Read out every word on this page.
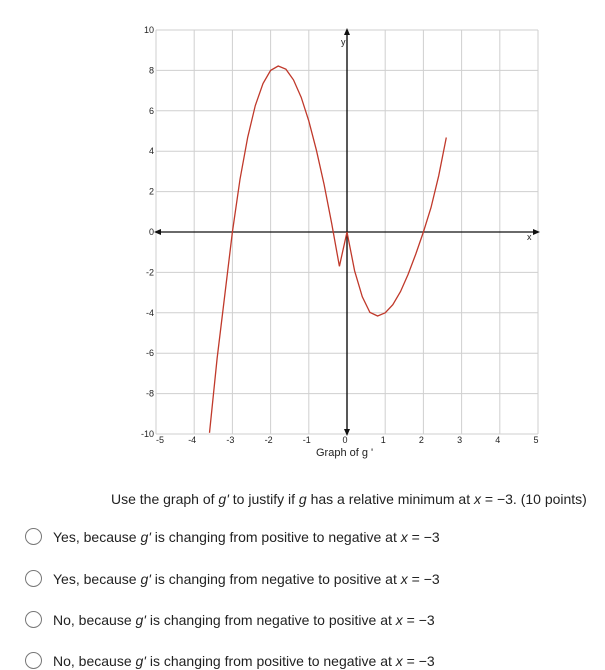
-5	-4	-3	-2	-1	0	1	2	3	4	5
10
8
6
4
2
0
-2
-4
-6
-8
-10
x
y
Graph of g '
Use the graph of g' to justify if g has a relative minimum at x = −3. (10 points)
Yes, because g' is changing from positive to negative at x = −3
Yes, because g' is changing from negative to positive at x = −3
No, because g' is changing from negative to positive at x = −3
No, because g' is changing from positive to negative at x = −3
